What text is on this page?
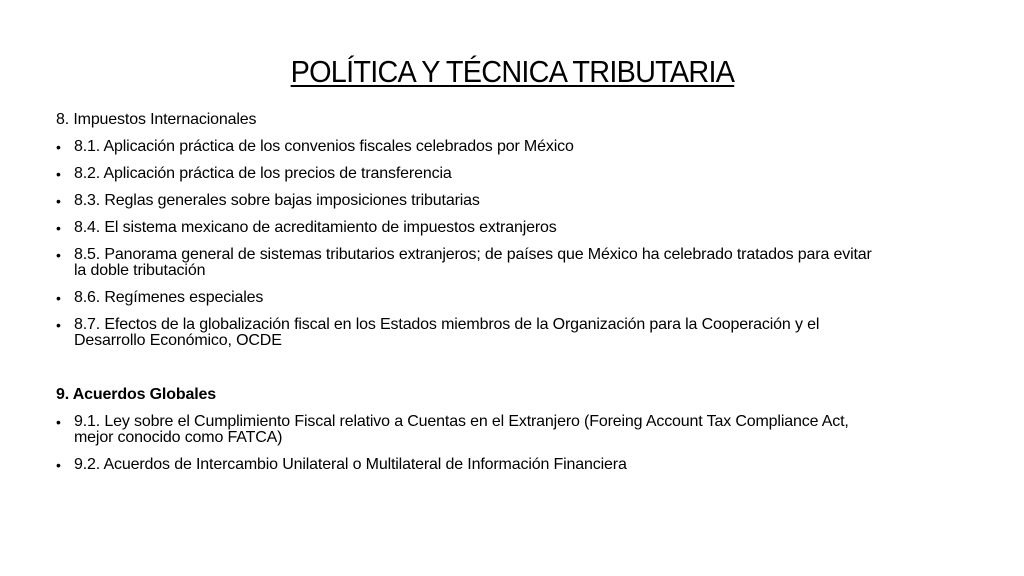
POLÍTICA Y TÉCNICA TRIBUTARIA
8. Impuestos Internacionales
• 8.1. Aplicación práctica de los convenios fiscales celebrados por México
• 8.2. Aplicación práctica de los precios de transferencia
• 8.3. Reglas generales sobre bajas imposiciones tributarias
• 8.4. El sistema mexicano de acreditamiento de impuestos extranjeros
• 8.5. Panorama general de sistemas tributarios extranjeros; de países que México ha celebrado tratados para evitar
la doble tributación
• 8.6. Regímenes especiales
• 8.7. Efectos de la globalización fiscal en los Estados miembros de la Organización para la Cooperación y el
Desarrollo Económico, OCDE
9. Acuerdos Globales
• 9.1. Ley sobre el Cumplimiento Fiscal relativo a Cuentas en el Extranjero (Foreing Account Tax Compliance Act,
mejor conocido como FATCA)
• 9.2. Acuerdos de Intercambio Unilateral o Multilateral de Información Financiera
